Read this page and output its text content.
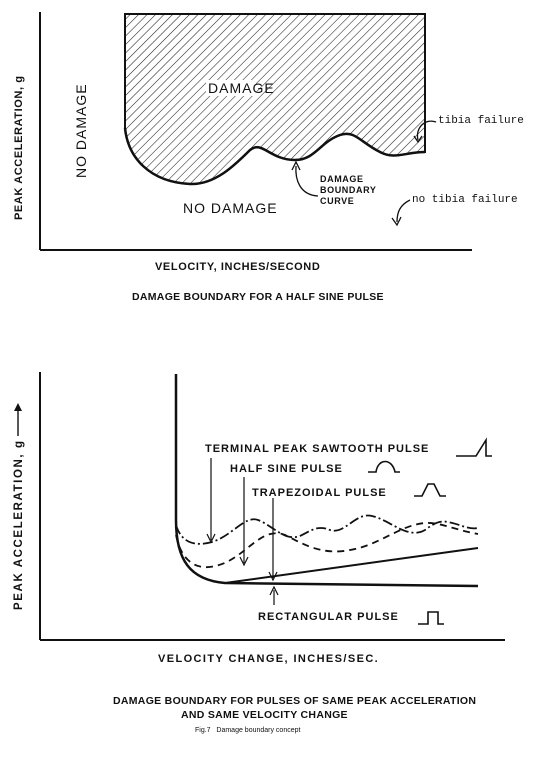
PEAK ACCELERATION, g
VELOCITY, INCHES/SECOND
DAMAGE
NO DAMAGE
NO DAMAGE
DAMAGE
BOUNDARY
CURVE
tibia failure
no tibia failure
DAMAGE BOUNDARY FOR A HALF SINE PULSE
PEAK ACCELERATION, g
VELOCITY CHANGE, INCHES/SEC.
TERMINAL PEAK SAWTOOTH PULSE
HALF SINE PULSE
TRAPEZOIDAL PULSE
RECTANGULAR PULSE
DAMAGE BOUNDARY FOR PULSES OF SAME PEAK ACCELERATION
AND SAME VELOCITY CHANGE
Fig.7   Damage boundary concept
